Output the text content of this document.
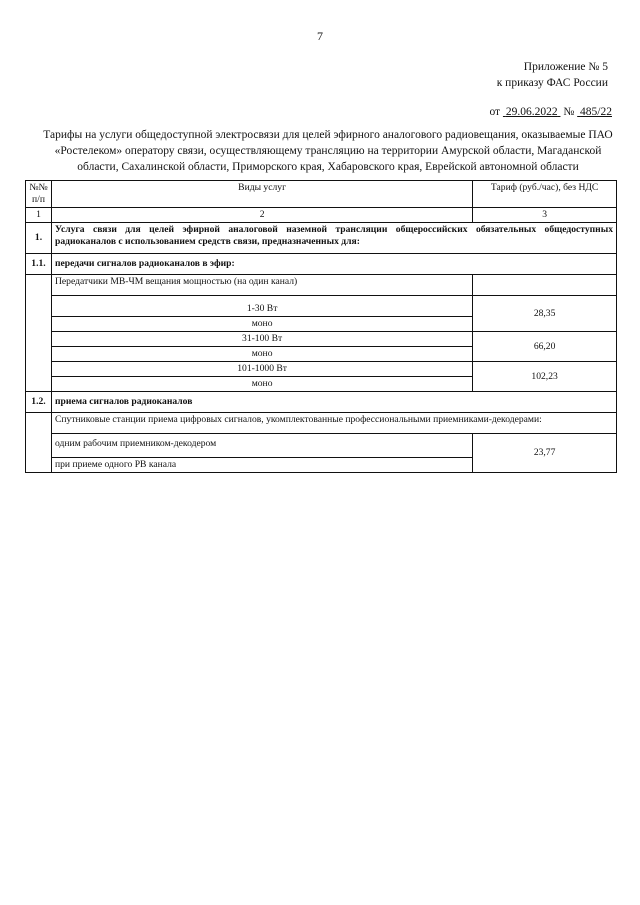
7
Приложение № 5
к приказу ФАС России
от 29.06.2022 № 485/22
Тарифы на услуги общедоступной электросвязи для целей эфирного аналогового радиовещания, оказываемые ПАО «Ростелеком» оператору связи, осуществляющему трансляцию на территории Амурской области, Магаданской области, Сахалинской области, Приморского края, Хабаровского края, Еврейской автономной области
№№ п/п	Виды услуг	Тариф (руб./час), без НДС
1	2	3
1.	Услуга связи для целей эфирной аналоговой наземной трансляции общероссийских обязательных общедоступных радиоканалов с использованием средств связи, предназначенных для:	
1.1.	передачи сигналов радиоканалов в эфир:	
	Передатчики МВ-ЧМ вещания мощностью (на один канал)	
	1-30 Вт	28,35
	моно	
	31-100 Вт	66,20
	моно	
	101-1000 Вт	102,23
	моно	
1.2.	приема сигналов радиоканалов	
	Спутниковые станции приема цифровых сигналов, укомплектованные профессиональными приемниками-декодерами:	
	одним рабочим приемником-декодером	23,77
	при приеме одного РВ канала	
